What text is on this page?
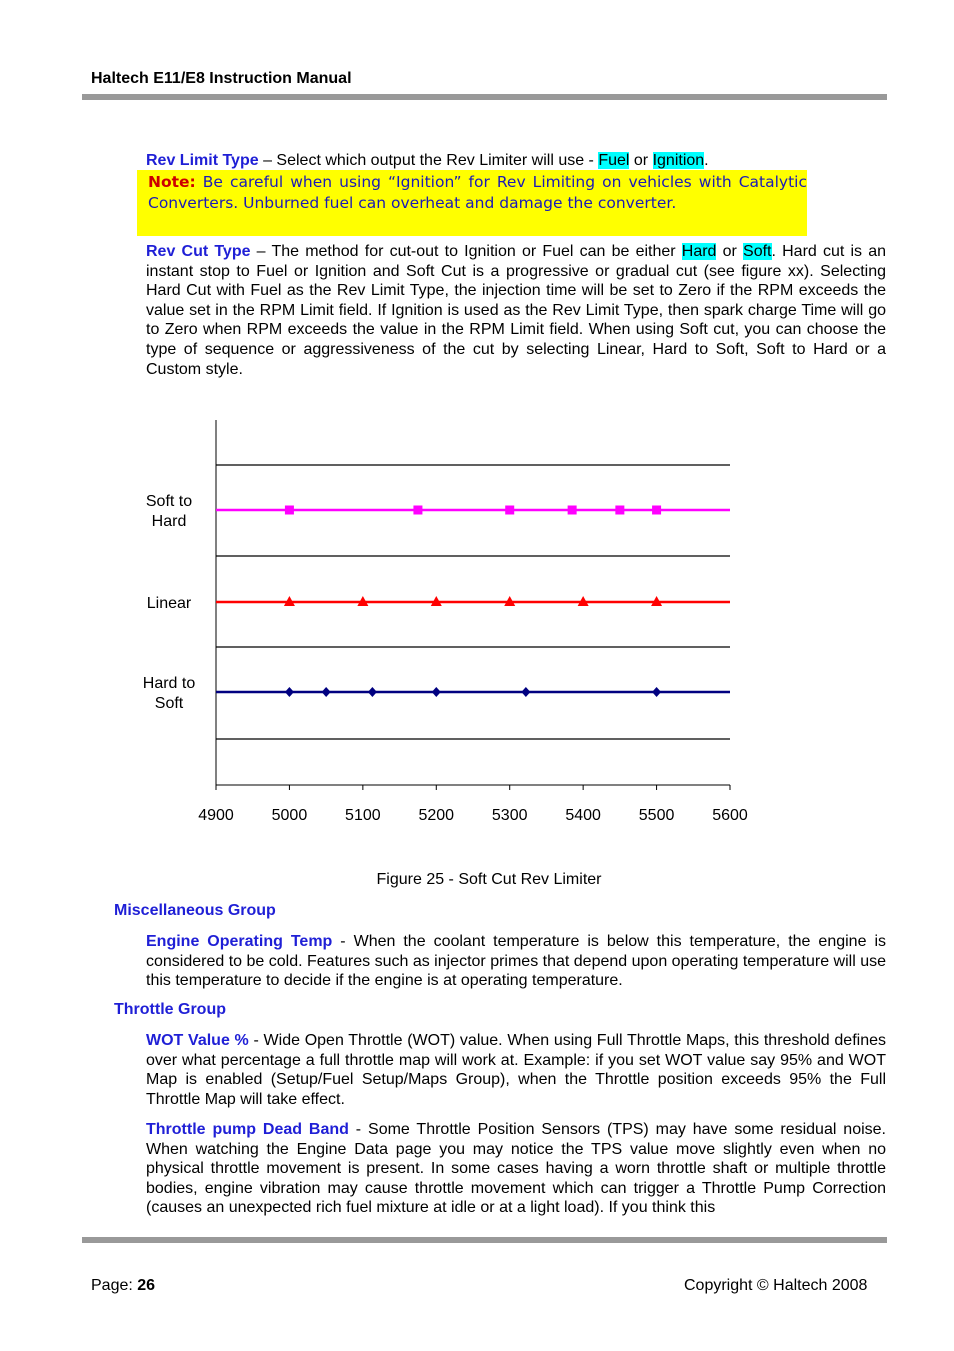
Haltech E11/E8 Instruction Manual
Rev Limit Type – Select which output the Rev Limiter will use - Fuel or Ignition.
Note: Be careful when using “Ignition” for Rev Limiting on vehicles with Catalytic Converters. Unburned fuel can overheat and damage the converter.
Rev Cut Type – The method for cut-out to Ignition or Fuel can be either Hard or Soft. Hard cut is an instant stop to Fuel or Ignition and Soft Cut is a progressive or gradual cut (see figure xx). Selecting Hard Cut with Fuel as the Rev Limit Type, the injection time will be set to Zero if the RPM exceeds the value set in the RPM Limit field. If Ignition is used as the Rev Limit Type, then spark charge Time will go to Zero when RPM exceeds the value in the RPM Limit field. When using Soft cut, you can choose the type of sequence or aggressiveness of the cut by selecting Linear, Hard to Soft, Soft to Hard or a Custom style.
4900 5000 5100 5200 5300 5400 5500 5600
Soft to
Hard
Linear
Hard to
Soft
Figure 25 - Soft Cut Rev Limiter
Miscellaneous Group
Engine Operating Temp - When the coolant temperature is below this temperature, the engine is considered to be cold. Features such as injector primes that depend upon operating temperature will use this temperature to decide if the engine is at operating temperature.
Throttle Group
WOT Value % - Wide Open Throttle (WOT) value. When using Full Throttle Maps, this threshold defines over what percentage a full throttle map will work at. Example: if you set WOT value say 95% and WOT Map is enabled (Setup/Fuel Setup/Maps Group), when the Throttle position exceeds 95% the Full Throttle Map will take effect.
Throttle pump Dead Band - Some Throttle Position Sensors (TPS) may have some residual noise. When watching the Engine Data page you may notice the TPS value move slightly even when no physical throttle movement is present. In some cases having a worn throttle shaft or multiple throttle bodies, engine vibration may cause throttle movement which can trigger a Throttle Pump Correction (causes an unexpected rich fuel mixture at idle or at a light load). If you think this
Page: 26	Copyright © Haltech 2008
